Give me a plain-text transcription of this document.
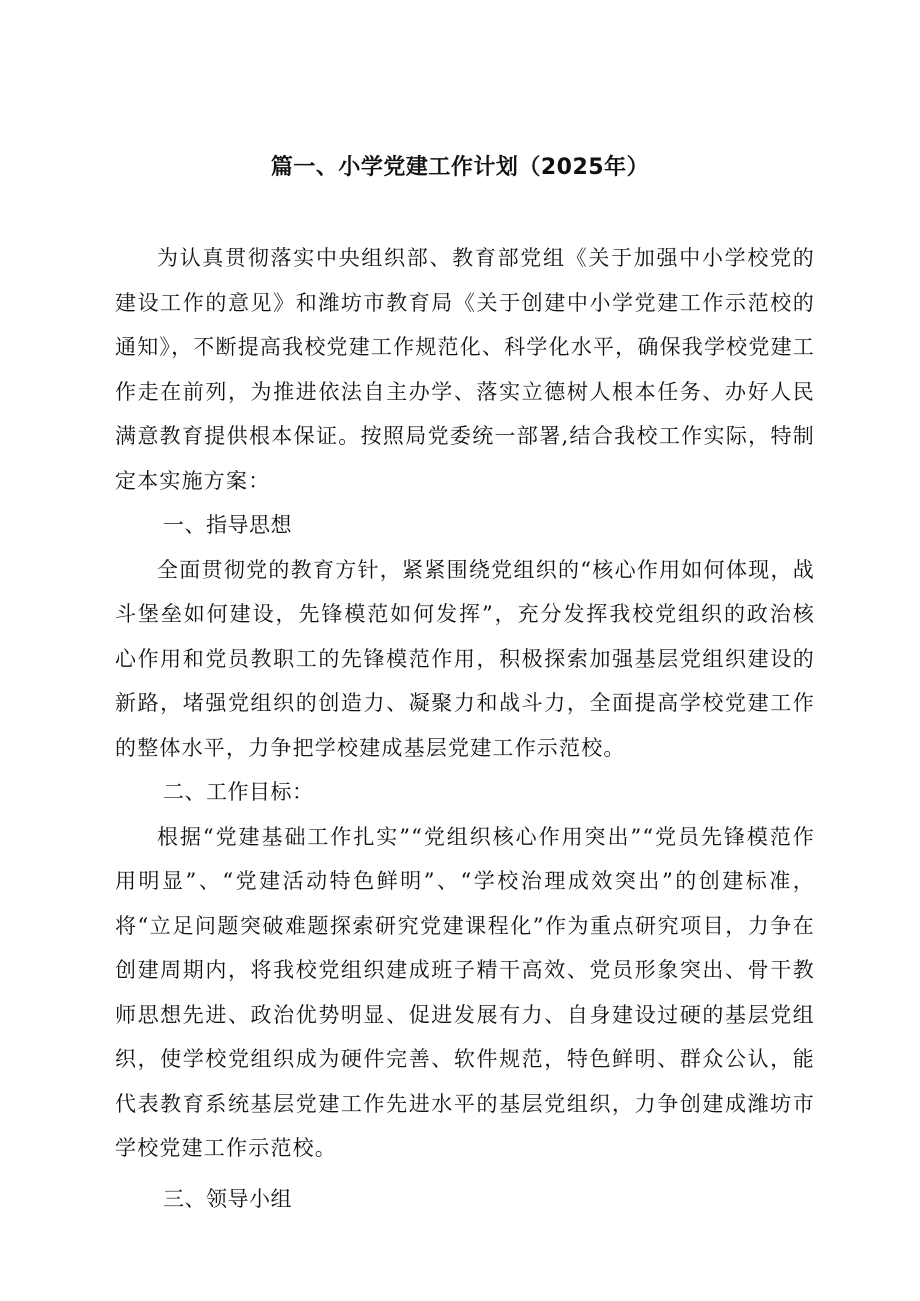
篇一、小学党建工作计划（2025年）

为认真贯彻落实中央组织部、教育部党组《关于加强中小学校党的建设工作的意见》和潍坊市教育局《关于创建中小学党建工作示范校的通知》，不断提高我校党建工作规范化、科学化水平，确保我学校党建工作走在前列，为推进依法自主办学、落实立德树人根本任务、办好人民满意教育提供根本保证。按照局党委统一部署,结合我校工作实际，特制定本实施方案：

一、指导思想

全面贯彻党的教育方针，紧紧围绕党组织的“核心作用如何体现，战斗堡垒如何建设，先锋模范如何发挥”，充分发挥我校党组织的政治核心作用和党员教职工的先锋模范作用，积极探索加强基层党组织建设的新路，堵强党组织的创造力、凝聚力和战斗力，全面提高学校党建工作的整体水平，力争把学校建成基层党建工作示范校。

二、工作目标：

根据“党建基础工作扎实”“党组织核心作用突出”“党员先锋模范作用明显”、“党建活动特色鲜明”、“学校治理成效突出”的创建标准，将“立足问题突破难题探索研究党建课程化”作为重点研究项目，力争在创建周期内，将我校党组织建成班子精干高效、党员形象突出、骨干教师思想先进、政治优势明显、促进发展有力、自身建设过硬的基层党组织，使学校党组织成为硬件完善、软件规范，特色鲜明、群众公认，能代表教育系统基层党建工作先进水平的基层党组织，力争创建成潍坊市学校党建工作示范校。

三、领导小组
